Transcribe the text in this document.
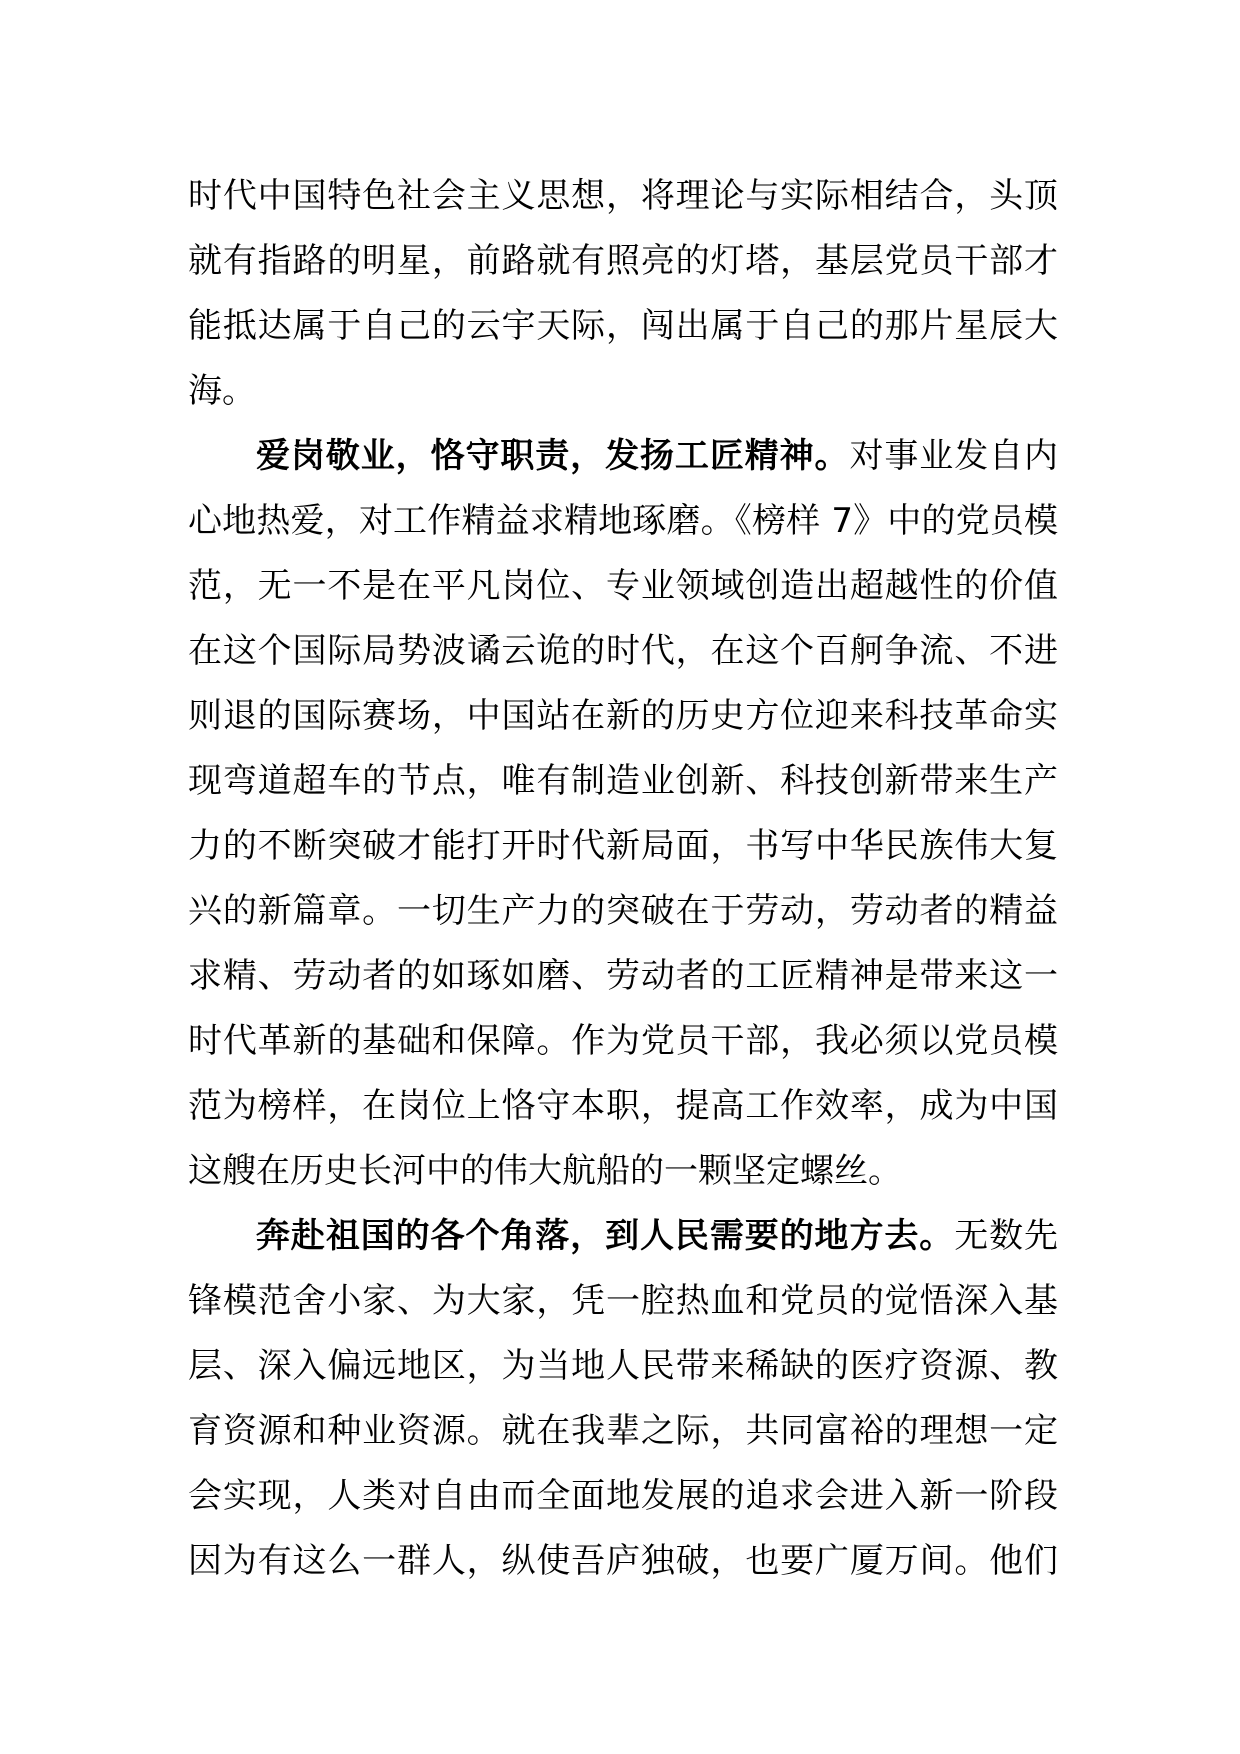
时代中国特色社会主义思想，将理论与实际相结合，头顶
就有指路的明星，前路就有照亮的灯塔，基层党员干部才
能抵达属于自己的云宇天际，闯出属于自己的那片星辰大
海。
爱岗敬业，恪守职责，发扬工匠精神。对事业发自内
心地热爱，对工作精益求精地琢磨。《榜样 7》中的党员模
范，无一不是在平凡岗位、专业领域创造出超越性的价值
在这个国际局势波谲云诡的时代，在这个百舸争流、不进
则退的国际赛场，中国站在新的历史方位迎来科技革命实
现弯道超车的节点，唯有制造业创新、科技创新带来生产
力的不断突破才能打开时代新局面，书写中华民族伟大复
兴的新篇章。一切生产力的突破在于劳动，劳动者的精益
求精、劳动者的如琢如磨、劳动者的工匠精神是带来这一
时代革新的基础和保障。作为党员干部，我必须以党员模
范为榜样，在岗位上恪守本职，提高工作效率，成为中国
这艘在历史长河中的伟大航船的一颗坚定螺丝。
奔赴祖国的各个角落，到人民需要的地方去。无数先
锋模范舍小家、为大家，凭一腔热血和党员的觉悟深入基
层、深入偏远地区，为当地人民带来稀缺的医疗资源、教
育资源和种业资源。就在我辈之际，共同富裕的理想一定
会实现，人类对自由而全面地发展的追求会进入新一阶段
因为有这么一群人，纵使吾庐独破，也要广厦万间。他们
